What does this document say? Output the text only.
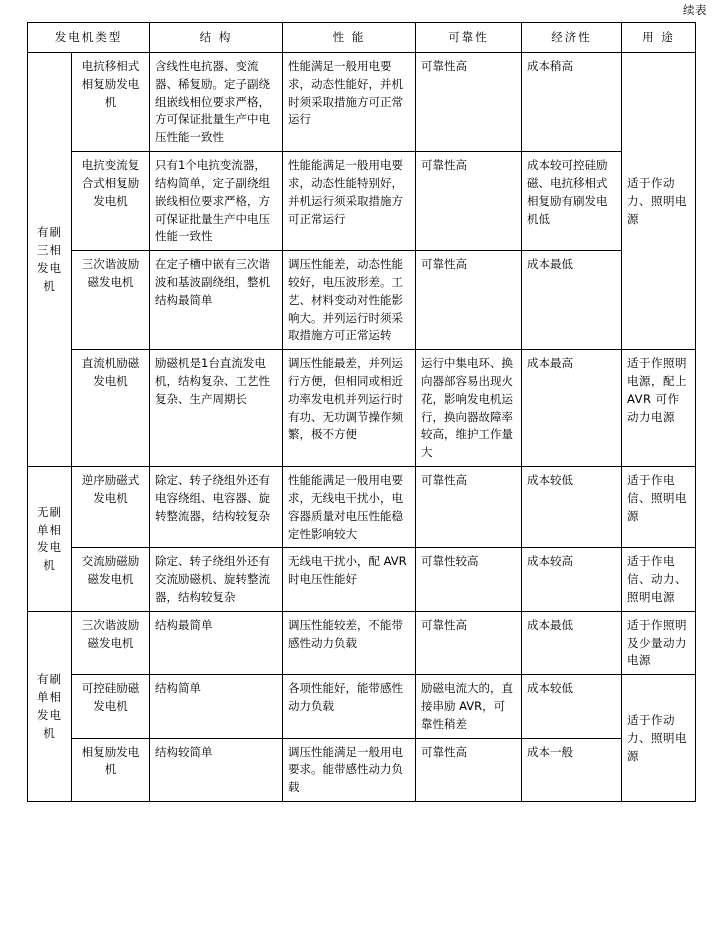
续表
发电机类型		结 构	性 能	可靠性	经济性	用 途
有刷三相发电机	电抗移相式相复励发电机	含线性电抗器、变流器、稀复励。定子副绕组嵌线相位要求严格，方可保证批量生产中电压性能一致性	性能满足一般用电要求，动态性能好，并机时须采取措施方可正常运行	可靠性高	成本稍高	适于作动力、照明电源
	电抗变流复合式相复励发电机	只有1个电抗变流器，结构简单，定子副绕组嵌线相位要求严格，方可保证批量生产中电压性能一致性	性能能满足一般用电要求，动态性能特别好，并机运行须采取措施方可正常运行	可靠性高	成本较可控硅励磁、电抗移相式相复励有刷发电机低	
	三次谐波励磁发电机	在定子槽中嵌有三次谐波和基波副绕组，整机结构最简单	调压性能差，动态性能较好，电压波形差。工艺、材料变动对性能影响大。并列运行时须采取措施方可正常运转	可靠性高	成本最低	
	直流机励磁发电机	励磁机是1台直流发电机，结构复杂、工艺性复杂、生产周期长	调压性能最差，并列运行方便，但相同或相近功率发电机并列运行时有功、无功调节操作频繁，极不方便	运行中集电环、换向器部容易出现火花，影响发电机运行，换向器故障率较高，维护工作量大	成本最高	适于作照明电源，配上 AVR 可作动力电源
无刷单相发电机	逆序励磁式发电机	除定、转子绕组外还有电容绕组、电容器、旋转整流器，结构较复杂	性能能满足一般用电要求，无线电干扰小，电容器质量对电压性能稳定性影响较大	可靠性高	成本较低	适于作电信、照明电源
	交流励磁励磁发电机	除定、转子绕组外还有交流励磁机、旋转整流器，结构较复杂	无线电干扰小，配 AVR 时电压性能好	可靠性较高	成本较高	适于作电信、动力、照明电源
有刷单相发电机	三次谐波励磁发电机	结构最简单	调压性能较差，不能带感性动力负载	可靠性高	成本最低	适于作照明及少量动力电源
	可控硅励磁发电机	结构简单	各项性能好，能带感性动力负载	励磁电流大的，直接串励 AVR，可靠性稍差	成本较低	适于作动力、照明电源
	相复励发电机	结构较简单	调压性能满足一般用电要求。能带感性动力负载	可靠性高	成本一般	
